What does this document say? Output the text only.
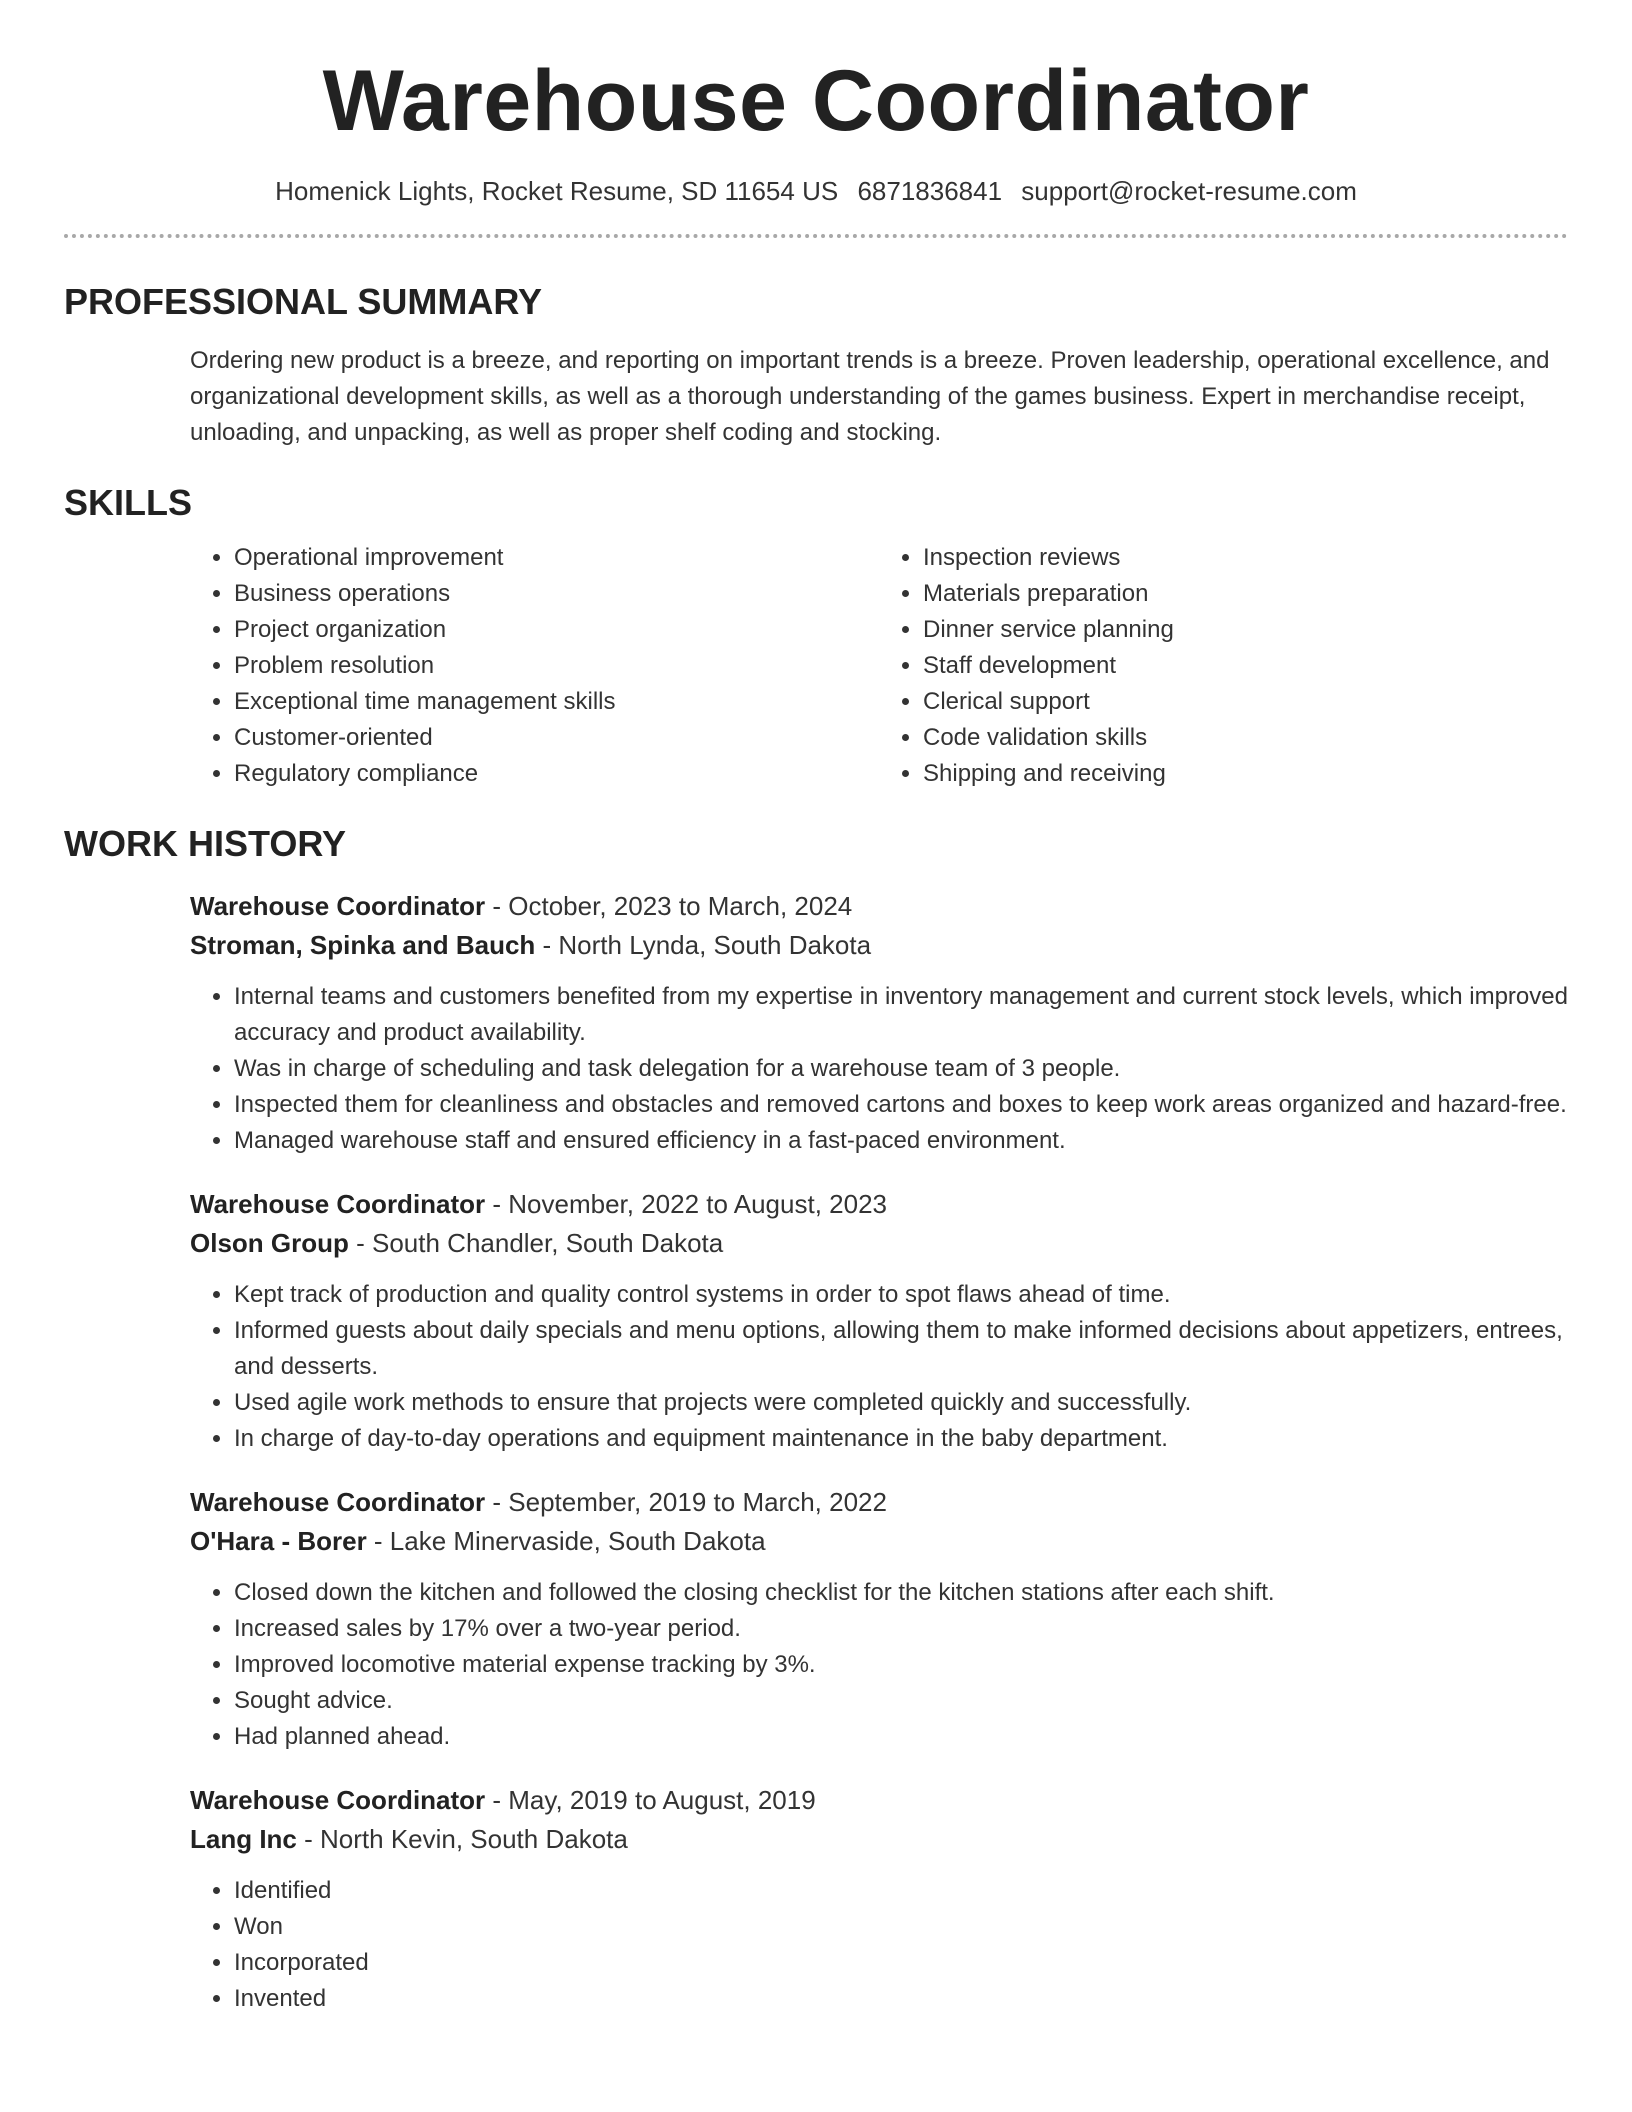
Warehouse Coordinator
Homenick Lights, Rocket Resume, SD 11654 US 6871836841 support@rocket-resume.com
PROFESSIONAL SUMMARY
Ordering new product is a breeze, and reporting on important trends is a breeze. Proven leadership, operational excellence, and organizational development skills, as well as a thorough understanding of the games business. Expert in merchandise receipt, unloading, and unpacking, as well as proper shelf coding and stocking.
SKILLS
• Operational improvement
• Business operations
• Project organization
• Problem resolution
• Exceptional time management skills
• Customer-oriented
• Regulatory compliance
• Inspection reviews
• Materials preparation
• Dinner service planning
• Staff development
• Clerical support
• Code validation skills
• Shipping and receiving
WORK HISTORY
Warehouse Coordinator - October, 2023 to March, 2024
Stroman, Spinka and Bauch - North Lynda, South Dakota
• Internal teams and customers benefited from my expertise in inventory management and current stock levels, which improved accuracy and product availability.
• Was in charge of scheduling and task delegation for a warehouse team of 3 people.
• Inspected them for cleanliness and obstacles and removed cartons and boxes to keep work areas organized and hazard-free.
• Managed warehouse staff and ensured efficiency in a fast-paced environment.
Warehouse Coordinator - November, 2022 to August, 2023
Olson Group - South Chandler, South Dakota
• Kept track of production and quality control systems in order to spot flaws ahead of time.
• Informed guests about daily specials and menu options, allowing them to make informed decisions about appetizers, entrees, and desserts.
• Used agile work methods to ensure that projects were completed quickly and successfully.
• In charge of day-to-day operations and equipment maintenance in the baby department.
Warehouse Coordinator - September, 2019 to March, 2022
O'Hara - Borer - Lake Minervaside, South Dakota
• Closed down the kitchen and followed the closing checklist for the kitchen stations after each shift.
• Increased sales by 17% over a two-year period.
• Improved locomotive material expense tracking by 3%.
• Sought advice.
• Had planned ahead.
Warehouse Coordinator - May, 2019 to August, 2019
Lang Inc - North Kevin, South Dakota
• Identified
• Won
• Incorporated
• Invented
